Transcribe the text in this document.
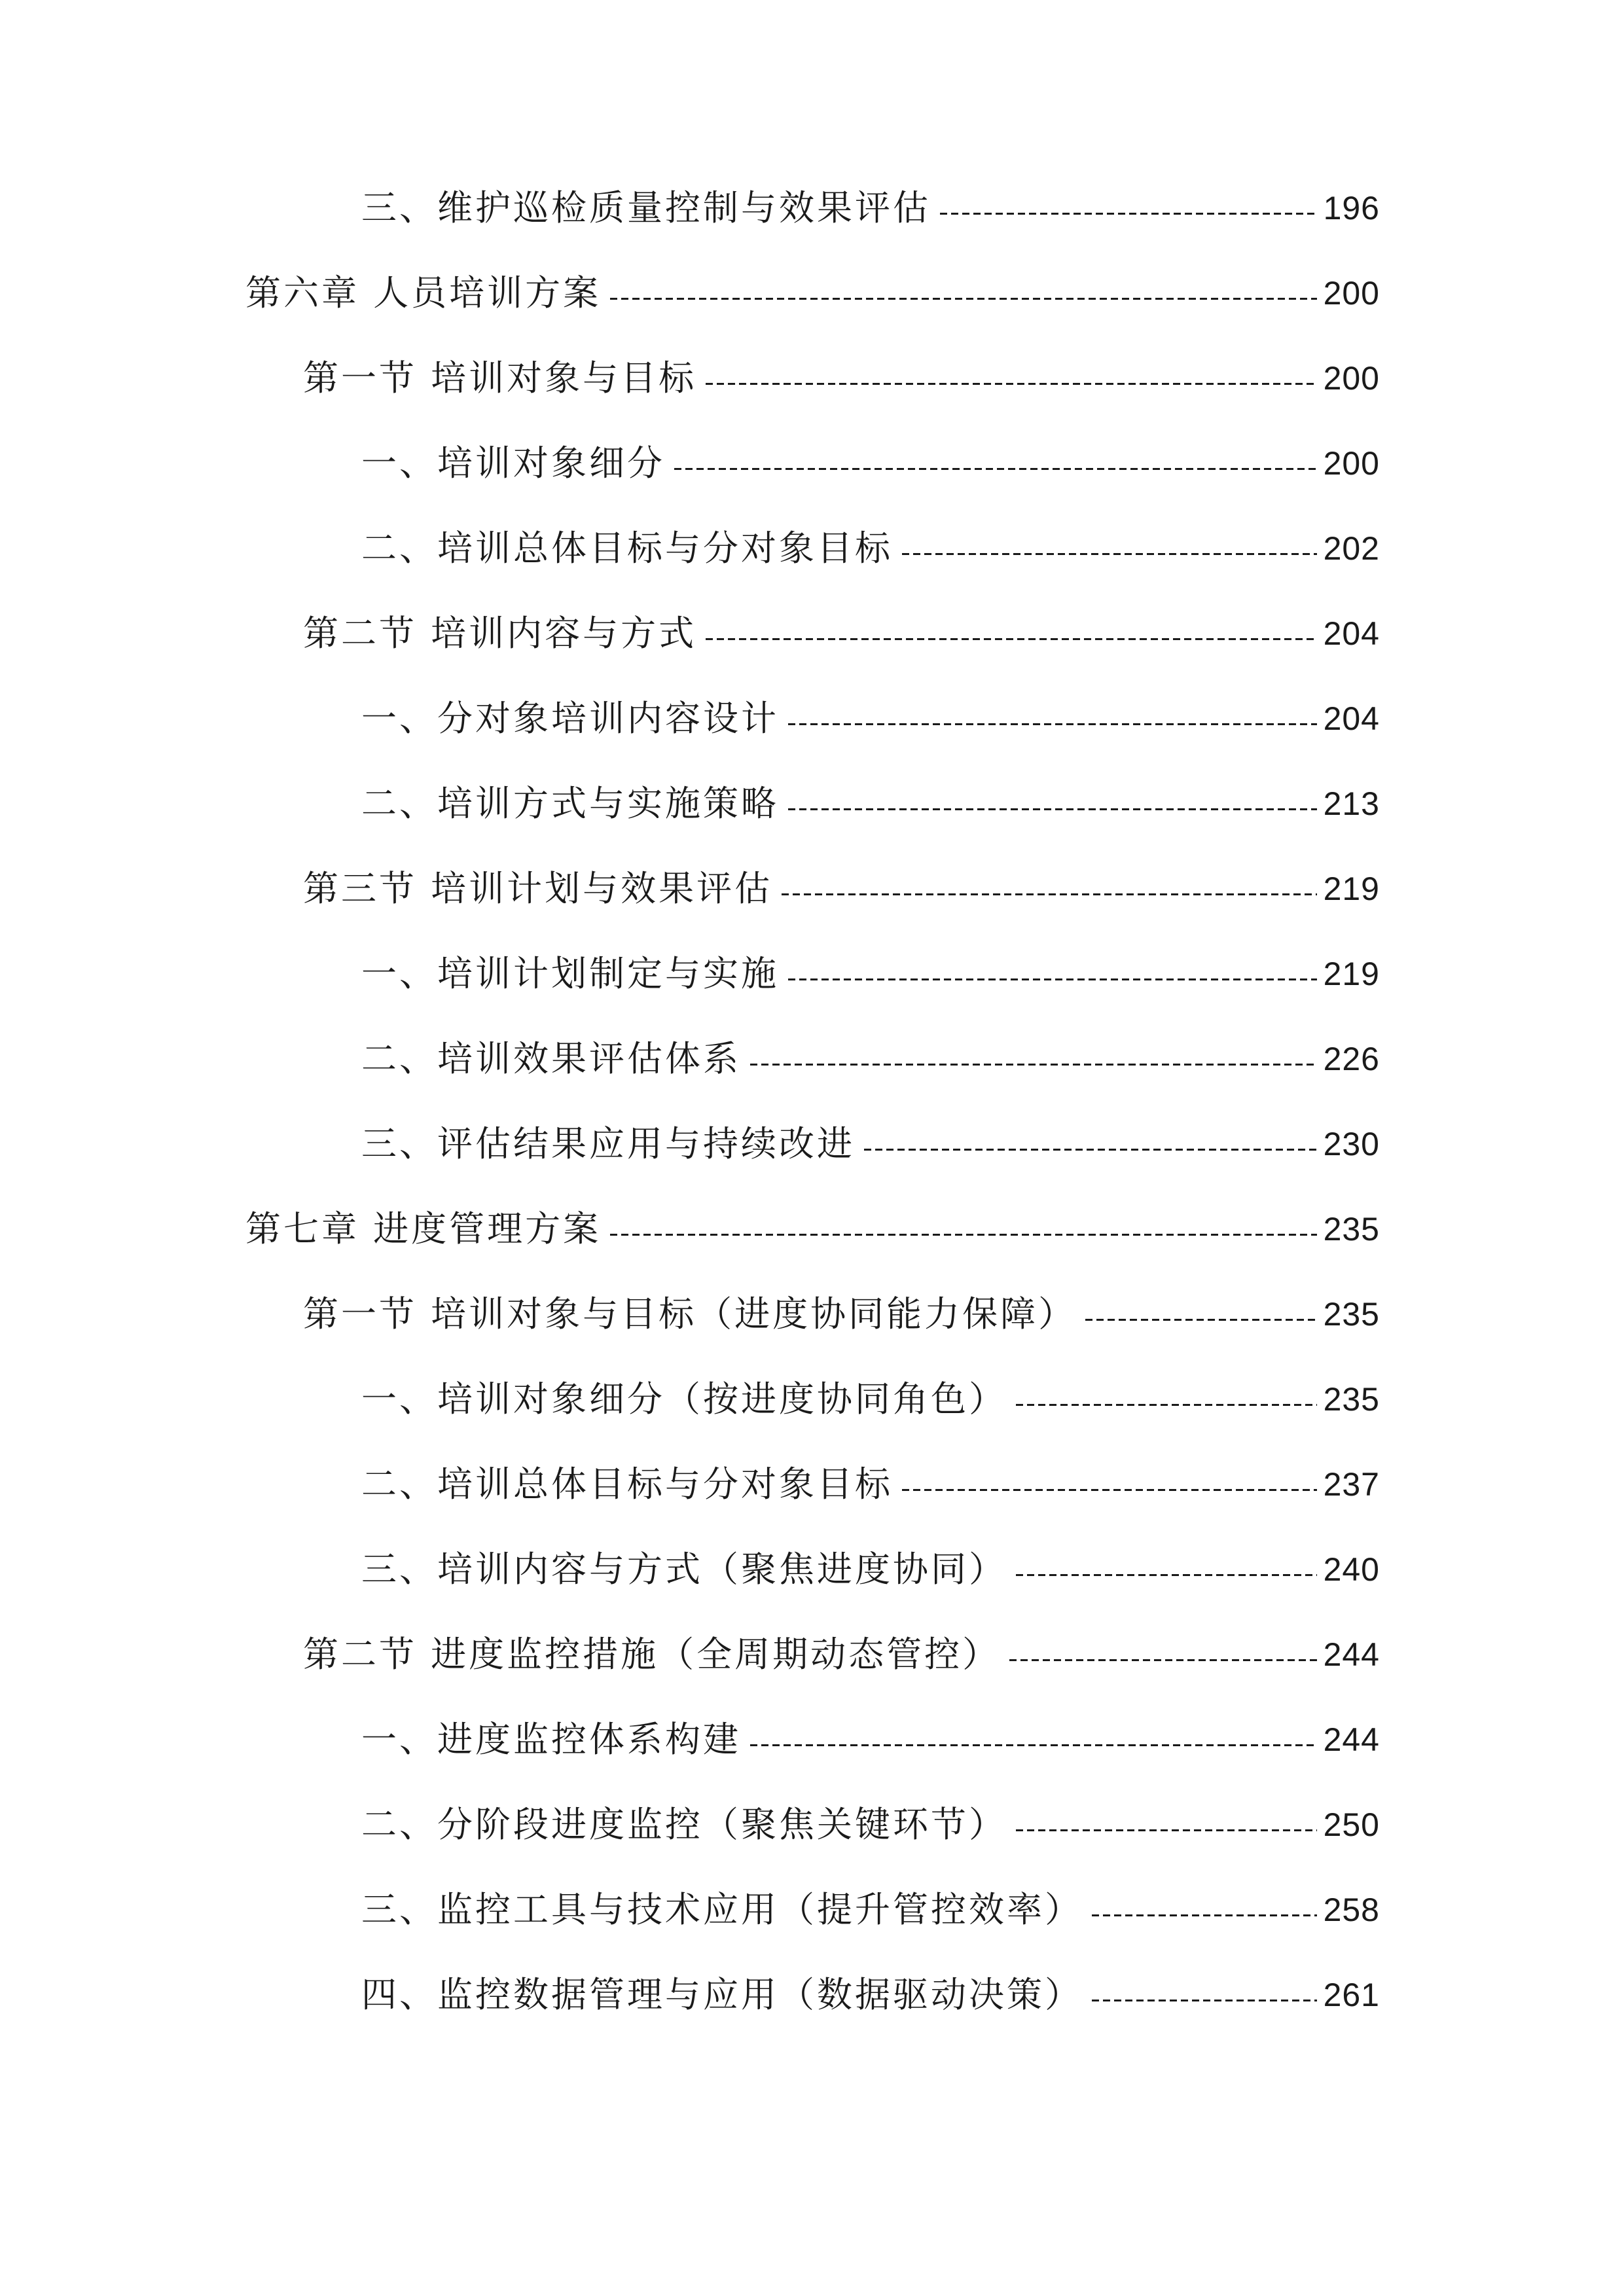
三、维护巡检质量控制与效果评估	196
第六章 人员培训方案	200
第一节 培训对象与目标	200
一、培训对象细分	200
二、培训总体目标与分对象目标	202
第二节 培训内容与方式	204
一、分对象培训内容设计	204
二、培训方式与实施策略	213
第三节 培训计划与效果评估	219
一、培训计划制定与实施	219
二、培训效果评估体系	226
三、评估结果应用与持续改进	230
第七章 进度管理方案	235
第一节 培训对象与目标（进度协同能力保障）	235
一、培训对象细分（按进度协同角色）	235
二、培训总体目标与分对象目标	237
三、培训内容与方式（聚焦进度协同）	240
第二节 进度监控措施（全周期动态管控）	244
一、进度监控体系构建	244
二、分阶段进度监控（聚焦关键环节）	250
三、监控工具与技术应用（提升管控效率）	258
四、监控数据管理与应用（数据驱动决策）	261
